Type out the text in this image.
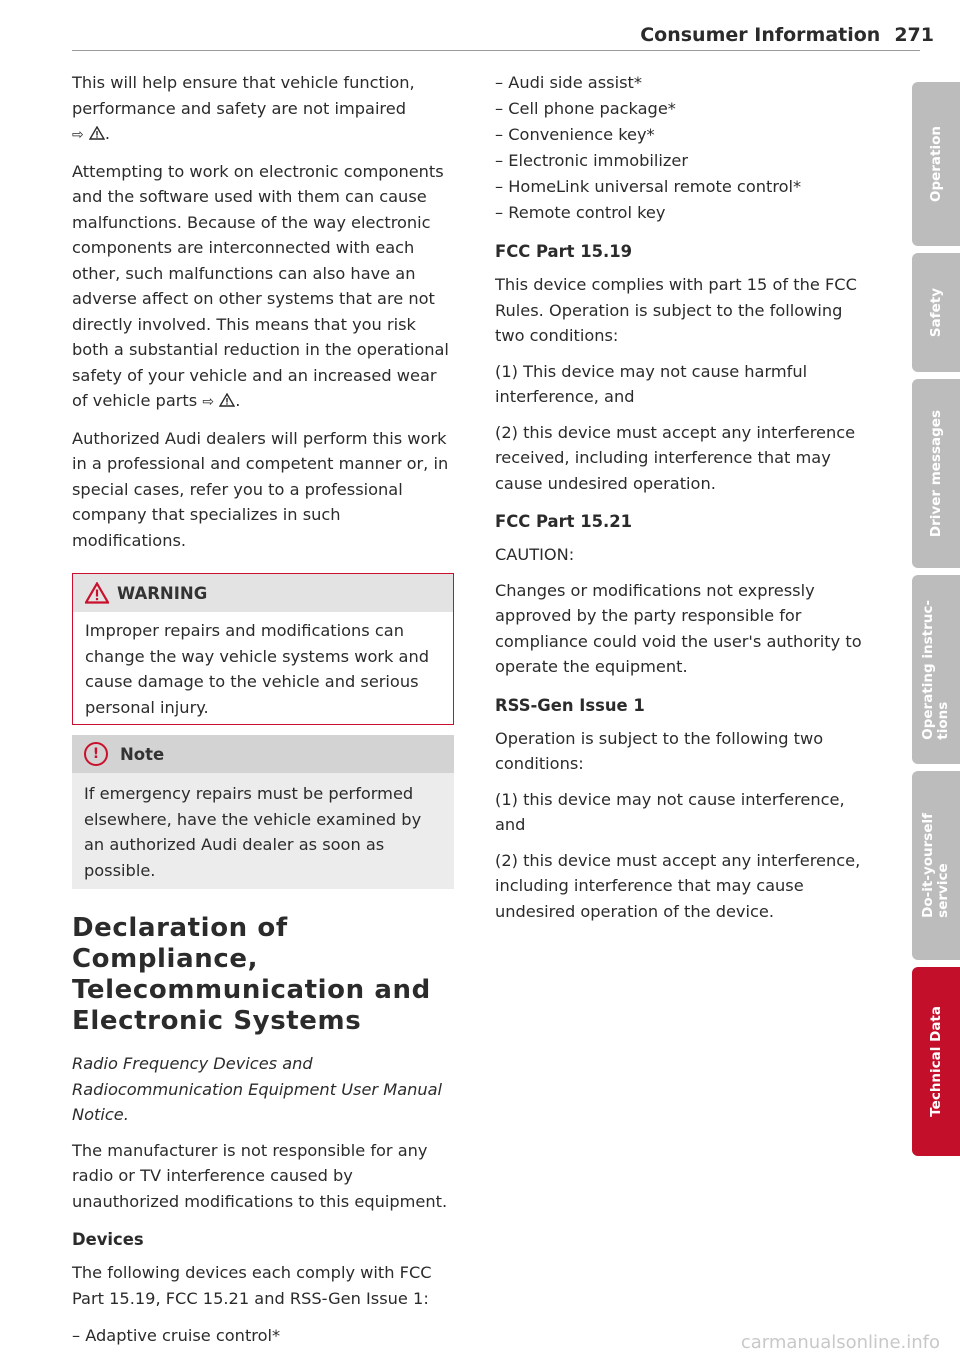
Consumer Information 271

This will help ensure that vehicle function, performance and safety are not impaired
⇨ .

Attempting to work on electronic components and the software used with them can cause malfunctions. Because of the way electronic components are interconnected with each other, such malfunctions can also have an adverse affect on other systems that are not directly involved. This means that you risk both a substantial reduction in the operational safety of your vehicle and an increased wear of vehicle parts ⇨ .

Authorized Audi dealers will perform this work in a professional and competent manner or, in special cases, refer you to a professional company that specializes in such modifications.

WARNING

Improper repairs and modifications can change the way vehicle systems work and cause damage to the vehicle and serious personal injury.

!	Note

If emergency repairs must be performed elsewhere, have the vehicle examined by an authorized Audi dealer as soon as possible.

Declaration of Compliance, Telecommunication and Electronic Systems

Radio Frequency Devices and Radiocommunication Equipment User Manual Notice.

The manufacturer is not responsible for any radio or TV interference caused by unauthorized modifications to this equipment.

Devices

The following devices each comply with FCC Part 15.19, FCC 15.21 and RSS-Gen Issue 1:

– Adaptive cruise control*

– Audi side assist*

– Cell phone package*

– Convenience key*

– Electronic immobilizer

– HomeLink universal remote control*

– Remote control key

FCC Part 15.19

This device complies with part 15 of the FCC Rules. Operation is subject to the following two conditions:

(1) This device may not cause harmful interference, and

(2) this device must accept any interference received, including interference that may cause undesired operation.

FCC Part 15.21

CAUTION:

Changes or modifications not expressly approved by the party responsible for compliance could void the user's authority to operate the equipment.

RSS-Gen Issue 1

Operation is subject to the following two conditions:

(1) this device may not cause interference, and

(2) this device must accept any interference, including interference that may cause undesired operation of the device.

Operation
Safety
Driver messages
Operating instruc-
tions
Do-it-yourself
service
Technical Data
carmanualsonline.info
